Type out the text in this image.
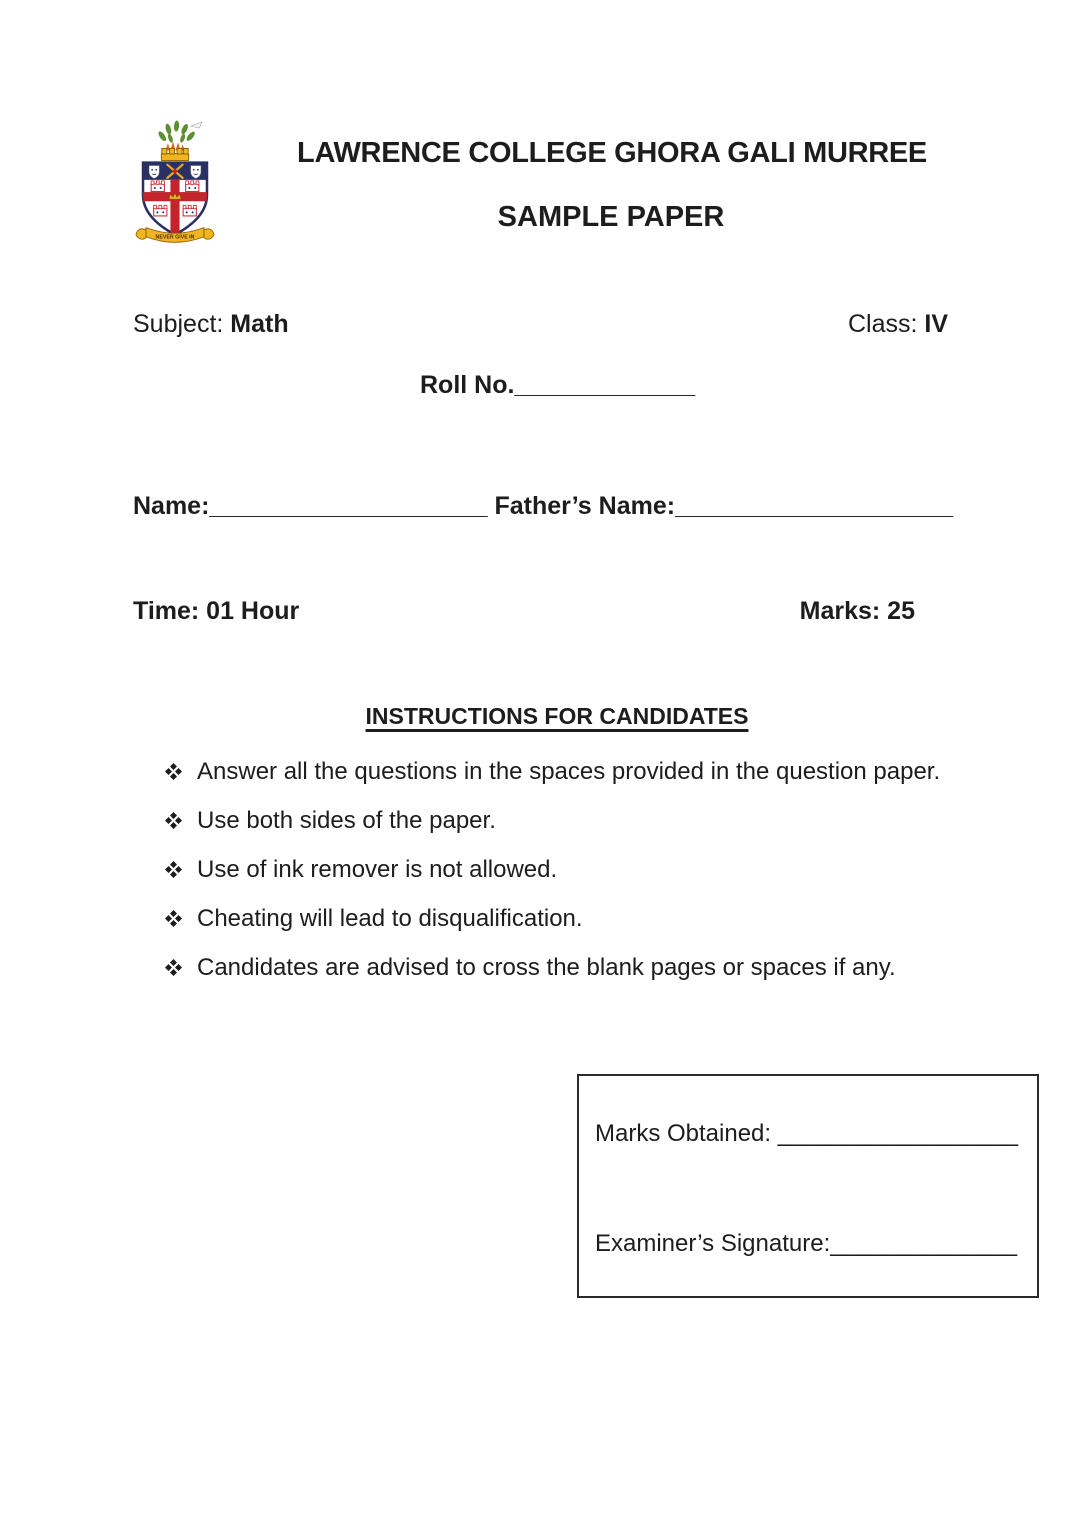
NEVER GIVE IN
LAWRENCE COLLEGE GHORA GALI MURREE
SAMPLE PAPER
Subject: Math	Class: IV
Roll No._____________
Name:____________________ Father’s Name:____________________
Time: 01 Hour	Marks: 25
INSTRUCTIONS FOR CANDIDATES
Answer all the questions in the spaces provided in the question paper.
Use both sides of the paper.
Use of ink remover is not allowed.
Cheating will lead to disqualification.
Candidates are advised to cross the blank pages or spaces if any.
Marks Obtained: __________________
Examiner’s Signature:______________
